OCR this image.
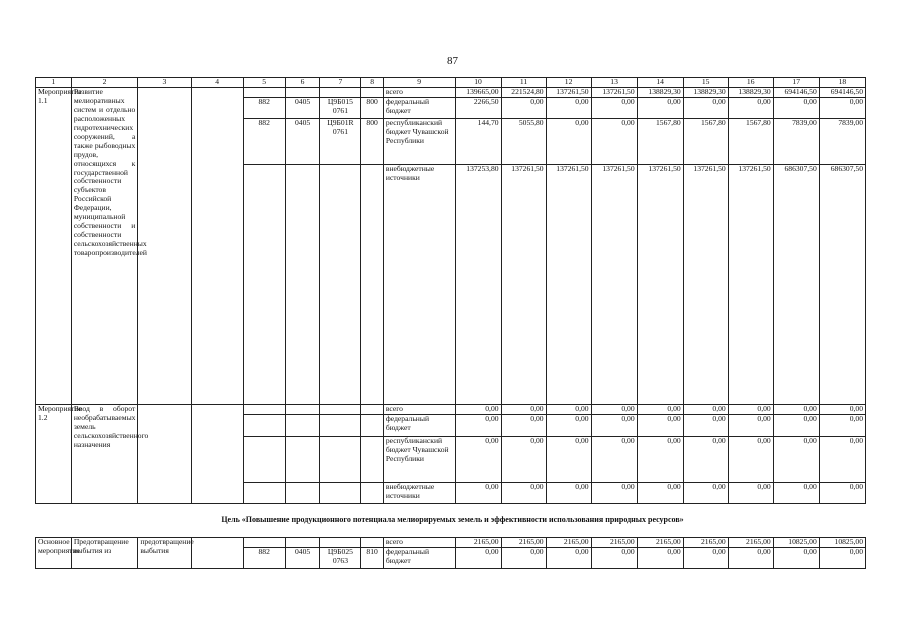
87
1	2	3	4	5	6	7	8	9	10	11	12	13	14	15	16	17	18
Мероприятие 1.1	Развитие мелиоративных систем и отдельно расположенных гидротехнических сооружений, а также рыбоводных прудов, относящихся к государственной собственности субъектов Российской Федерации, муниципальной собственности и собственности сельскохозяйственных товаропроизводителей							всего	139665,00	221524,80	137261,50	137261,50	138829,30	138829,30	138829,30	694146,50	694146,50
				882	0405	Ц9Б015 0761	800	федеральный бюджет	2266,50	0,00	0,00	0,00	0,00	0,00	0,00	0,00	0,00
				882	0405	Ц9Б01R 0761	800	республиканский бюджет Чувашской Республики	144,70	5055,80	0,00	0,00	1567,80	1567,80	1567,80	7839,00	7839,00
								внебюджетные источники	137253,80	137261,50	137261,50	137261,50	137261,50	137261,50	137261,50	686307,50	686307,50
Мероприятие 1.2	Ввод в оборот необрабатываемых земель сельскохозяйственного назначения							всего	0,00	0,00	0,00	0,00	0,00	0,00	0,00	0,00	0,00
								федеральный бюджет	0,00	0,00	0,00	0,00	0,00	0,00	0,00	0,00	0,00
								республиканский бюджет Чувашской Республики	0,00	0,00	0,00	0,00	0,00	0,00	0,00	0,00	0,00
								внебюджетные источники	0,00	0,00	0,00	0,00	0,00	0,00	0,00	0,00	0,00
Цель «Повышение продукционного потенциала мелиорируемых земель и эффективности использования природных ресурсов»
Основное мероприятие	Предотвращение выбытия из	предотвращение выбытия						всего	2165,00	2165,00	2165,00	2165,00	2165,00	2165,00	2165,00	10825,00	10825,00
				882	0405	Ц9Б025 0763	810	федеральный бюджет	0,00	0,00	0,00	0,00	0,00	0,00	0,00	0,00	0,00
